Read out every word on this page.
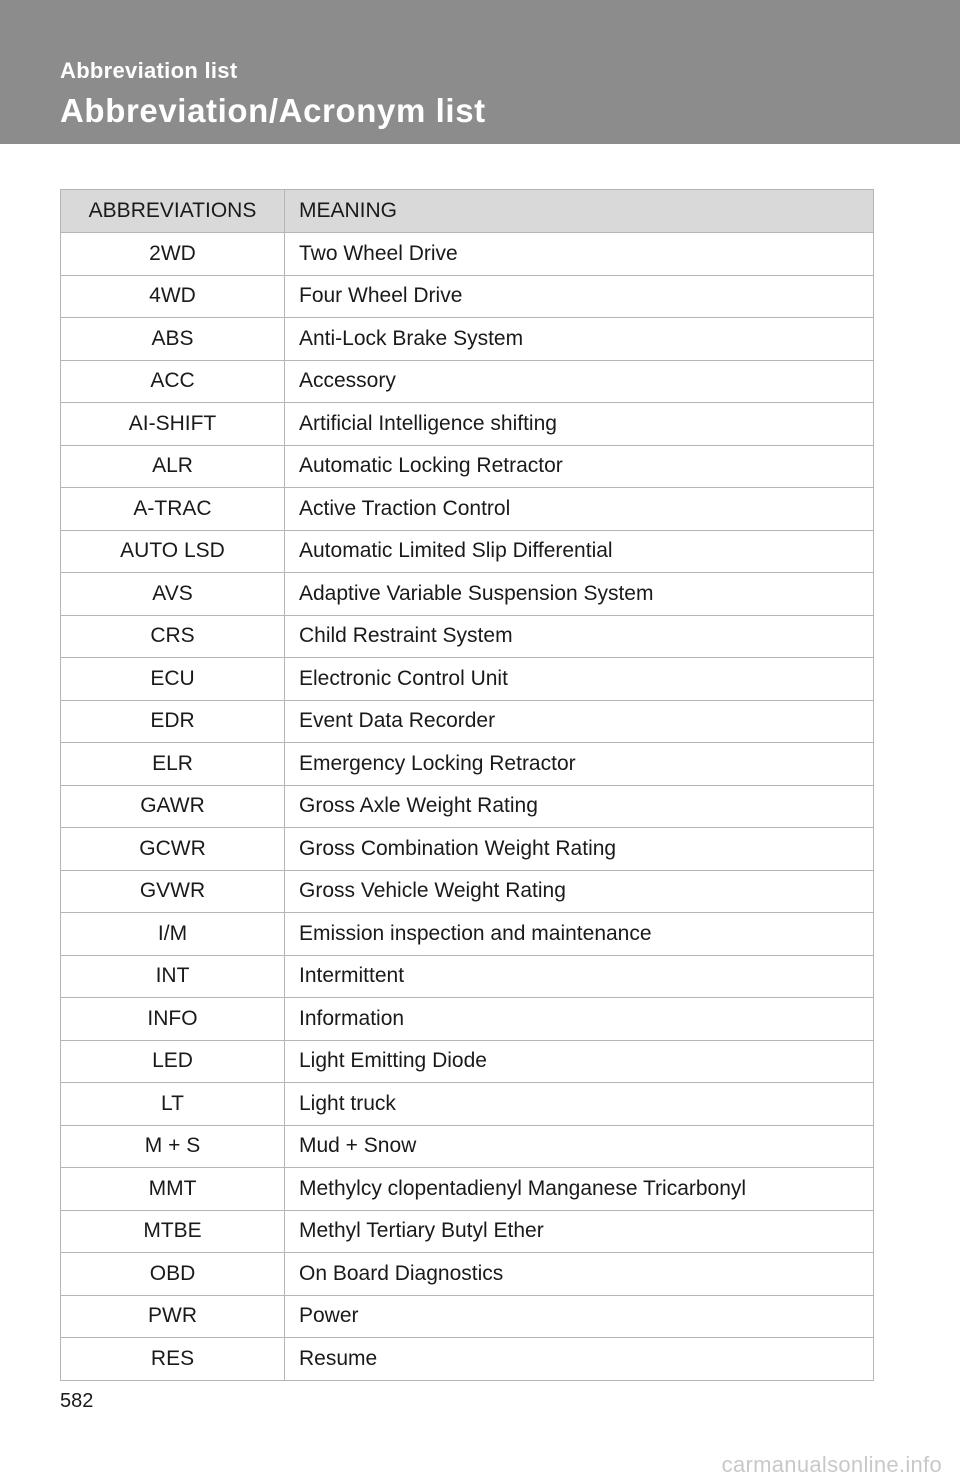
Abbreviation list
Abbreviation/Acronym list
ABBREVIATIONS	MEANING
2WD	Two Wheel Drive
4WD	Four Wheel Drive
ABS	Anti-Lock Brake System
ACC	Accessory
AI-SHIFT	Artificial Intelligence shifting
ALR	Automatic Locking Retractor
A-TRAC	Active Traction Control
AUTO LSD	Automatic Limited Slip Differential
AVS	Adaptive Variable Suspension System
CRS	Child Restraint System
ECU	Electronic Control Unit
EDR	Event Data Recorder
ELR	Emergency Locking Retractor
GAWR	Gross Axle Weight Rating
GCWR	Gross Combination Weight Rating
GVWR	Gross Vehicle Weight Rating
I/M	Emission inspection and maintenance
INT	Intermittent
INFO	Information
LED	Light Emitting Diode
LT	Light truck
M + S	Mud + Snow
MMT	Methylcy clopentadienyl Manganese Tricarbonyl
MTBE	Methyl Tertiary Butyl Ether
OBD	On Board Diagnostics
PWR	Power
RES	Resume
582
carmanualsonline.info
